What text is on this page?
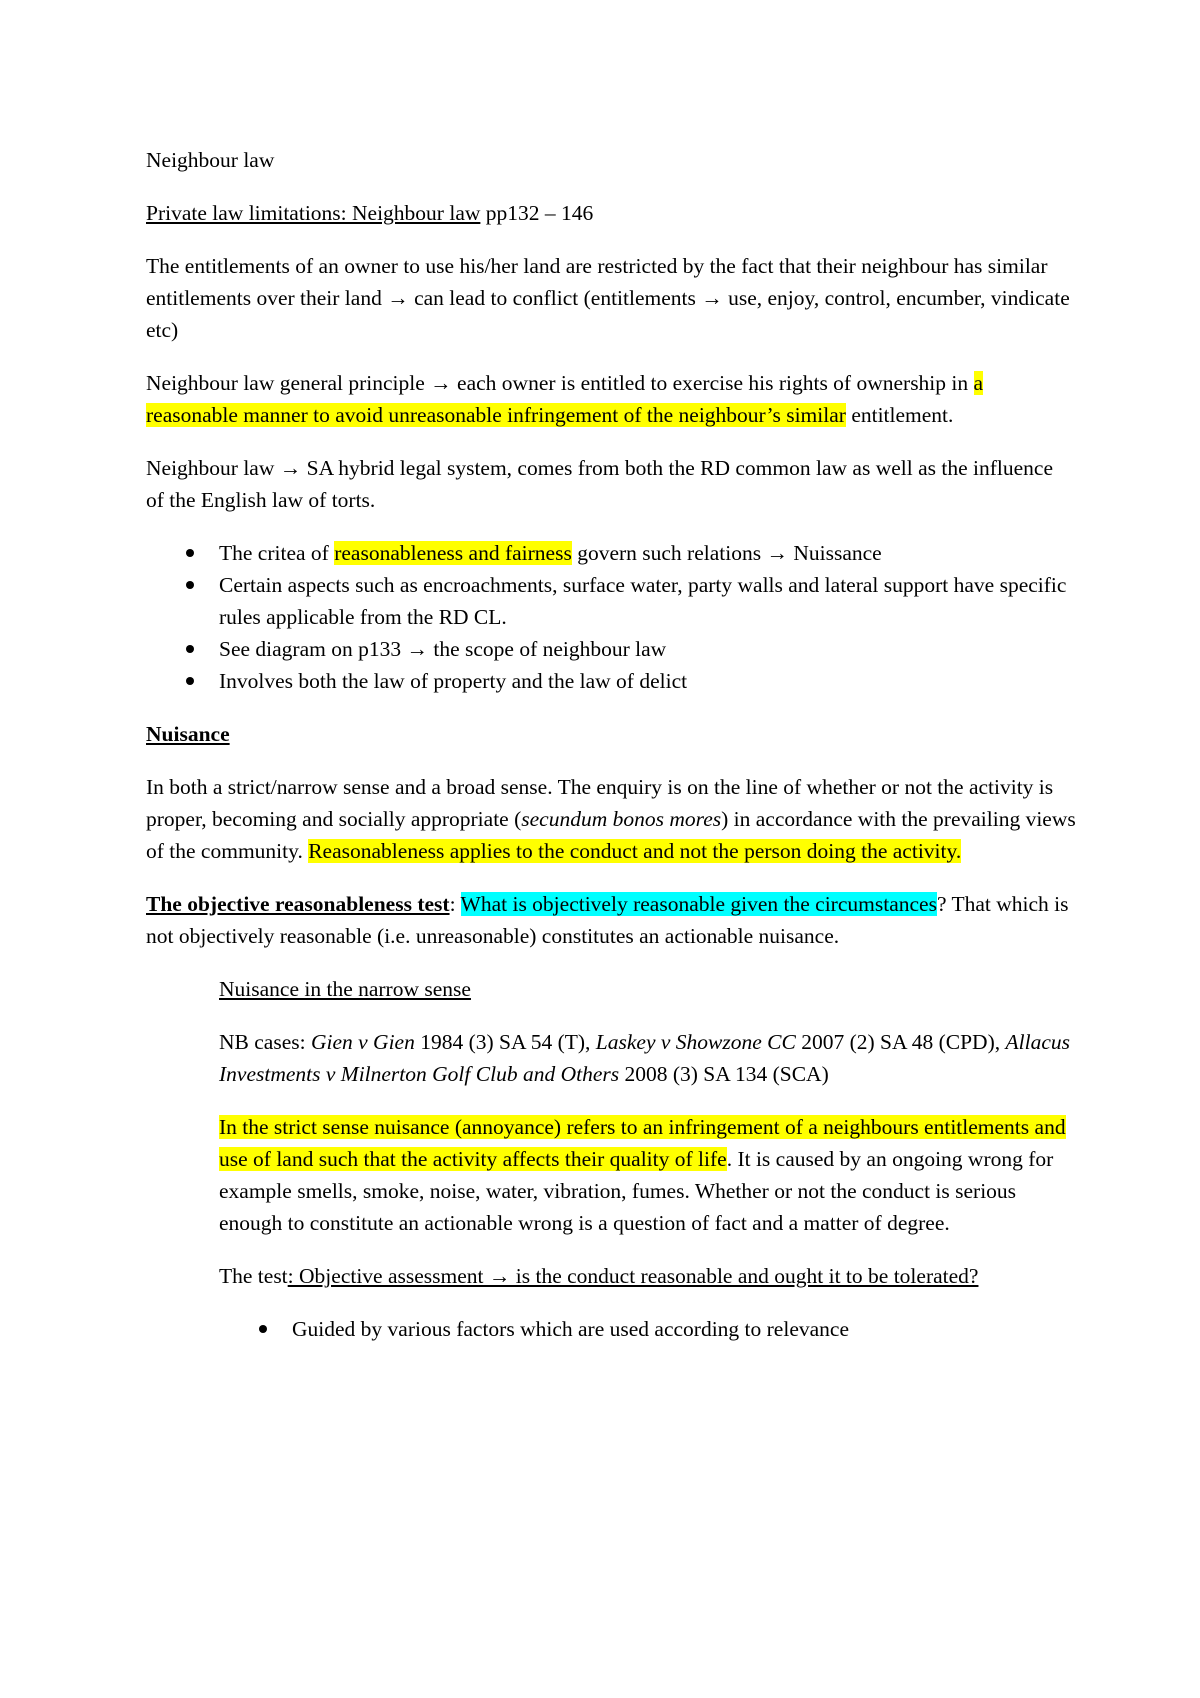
Neighbour law

Private law limitations: Neighbour law pp132 – 146

The entitlements of an owner to use his/her land are restricted by the fact that their neighbour has similar entitlements over their land → can lead to conflict (entitlements → use, enjoy, control, encumber, vindicate etc)

Neighbour law general principle → each owner is entitled to exercise his rights of ownership in a reasonable manner to avoid unreasonable infringement of the neighbour’s similar entitlement.

Neighbour law → SA hybrid legal system, comes from both the RD common law as well as the influence of the English law of torts.

The critea of reasonableness and fairness govern such relations → Nuissance
Certain aspects such as encroachments, surface water, party walls and lateral support have specific rules applicable from the RD CL.
See diagram on p133 → the scope of neighbour law
Involves both the law of property and the law of delict

Nuisance

In both a strict/narrow sense and a broad sense. The enquiry is on the line of whether or not the activity is proper, becoming and socially appropriate (secundum bonos mores) in accordance with the prevailing views of the community. Reasonableness applies to the conduct and not the person doing the activity.

The objective reasonableness test: What is objectively reasonable given the circumstances? That which is not objectively reasonable (i.e. unreasonable) constitutes an actionable nuisance.

Nuisance in the narrow sense

NB cases: Gien v Gien 1984 (3) SA 54 (T), Laskey v Showzone CC 2007 (2) SA 48 (CPD), Allacus Investments v Milnerton Golf Club and Others 2008 (3) SA 134 (SCA)

In the strict sense nuisance (annoyance) refers to an infringement of a neighbours entitlements and use of land such that the activity affects their quality of life. It is caused by an ongoing wrong for example smells, smoke, noise, water, vibration, fumes. Whether or not the conduct is serious enough to constitute an actionable wrong is a question of fact and a matter of degree.

The test: Objective assessment → is the conduct reasonable and ought it to be tolerated?

Guided by various factors which are used according to relevance
